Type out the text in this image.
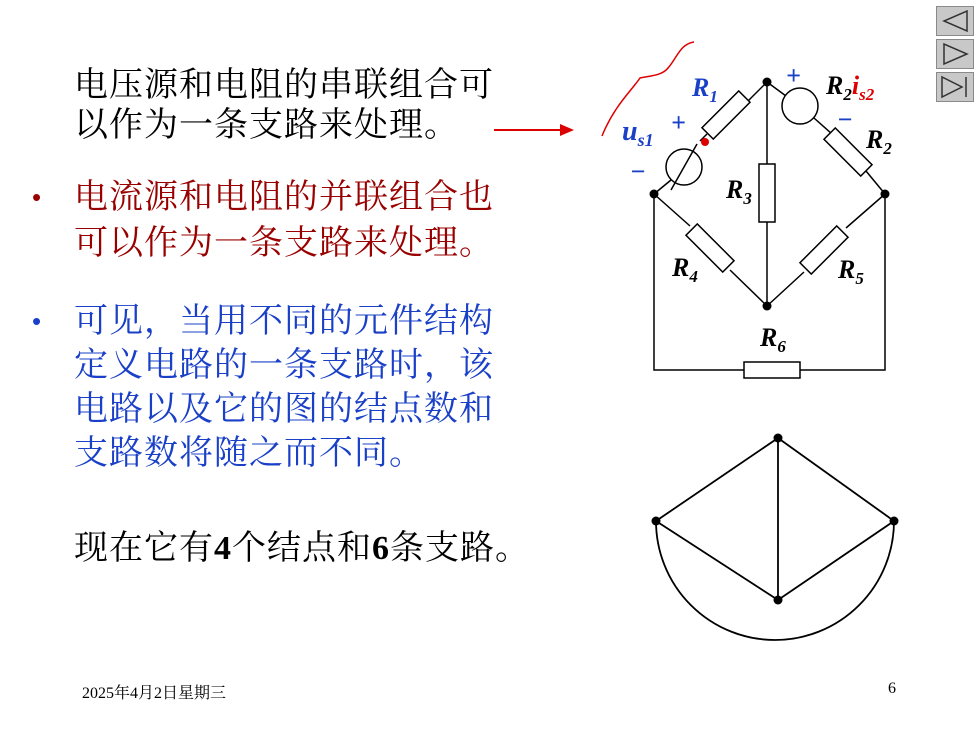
电压源和电阻的串联组合可
以作为一条支路来处理。
• 电流源和电阻的并联组合也
可以作为一条支路来处理。
• 可见，当用不同的元件结构
定义电路的一条支路时，该
电路以及它的图的结点数和
支路数将随之而不同。
现在它有4个结点和6条支路。
2025年4月2日星期三	6
$R_1$
+
−
$R_2i_{s2}$
$R_2$
$u_{s1}$
+
−
$R_3$
$R_4$	$R_5$
$R_6$
